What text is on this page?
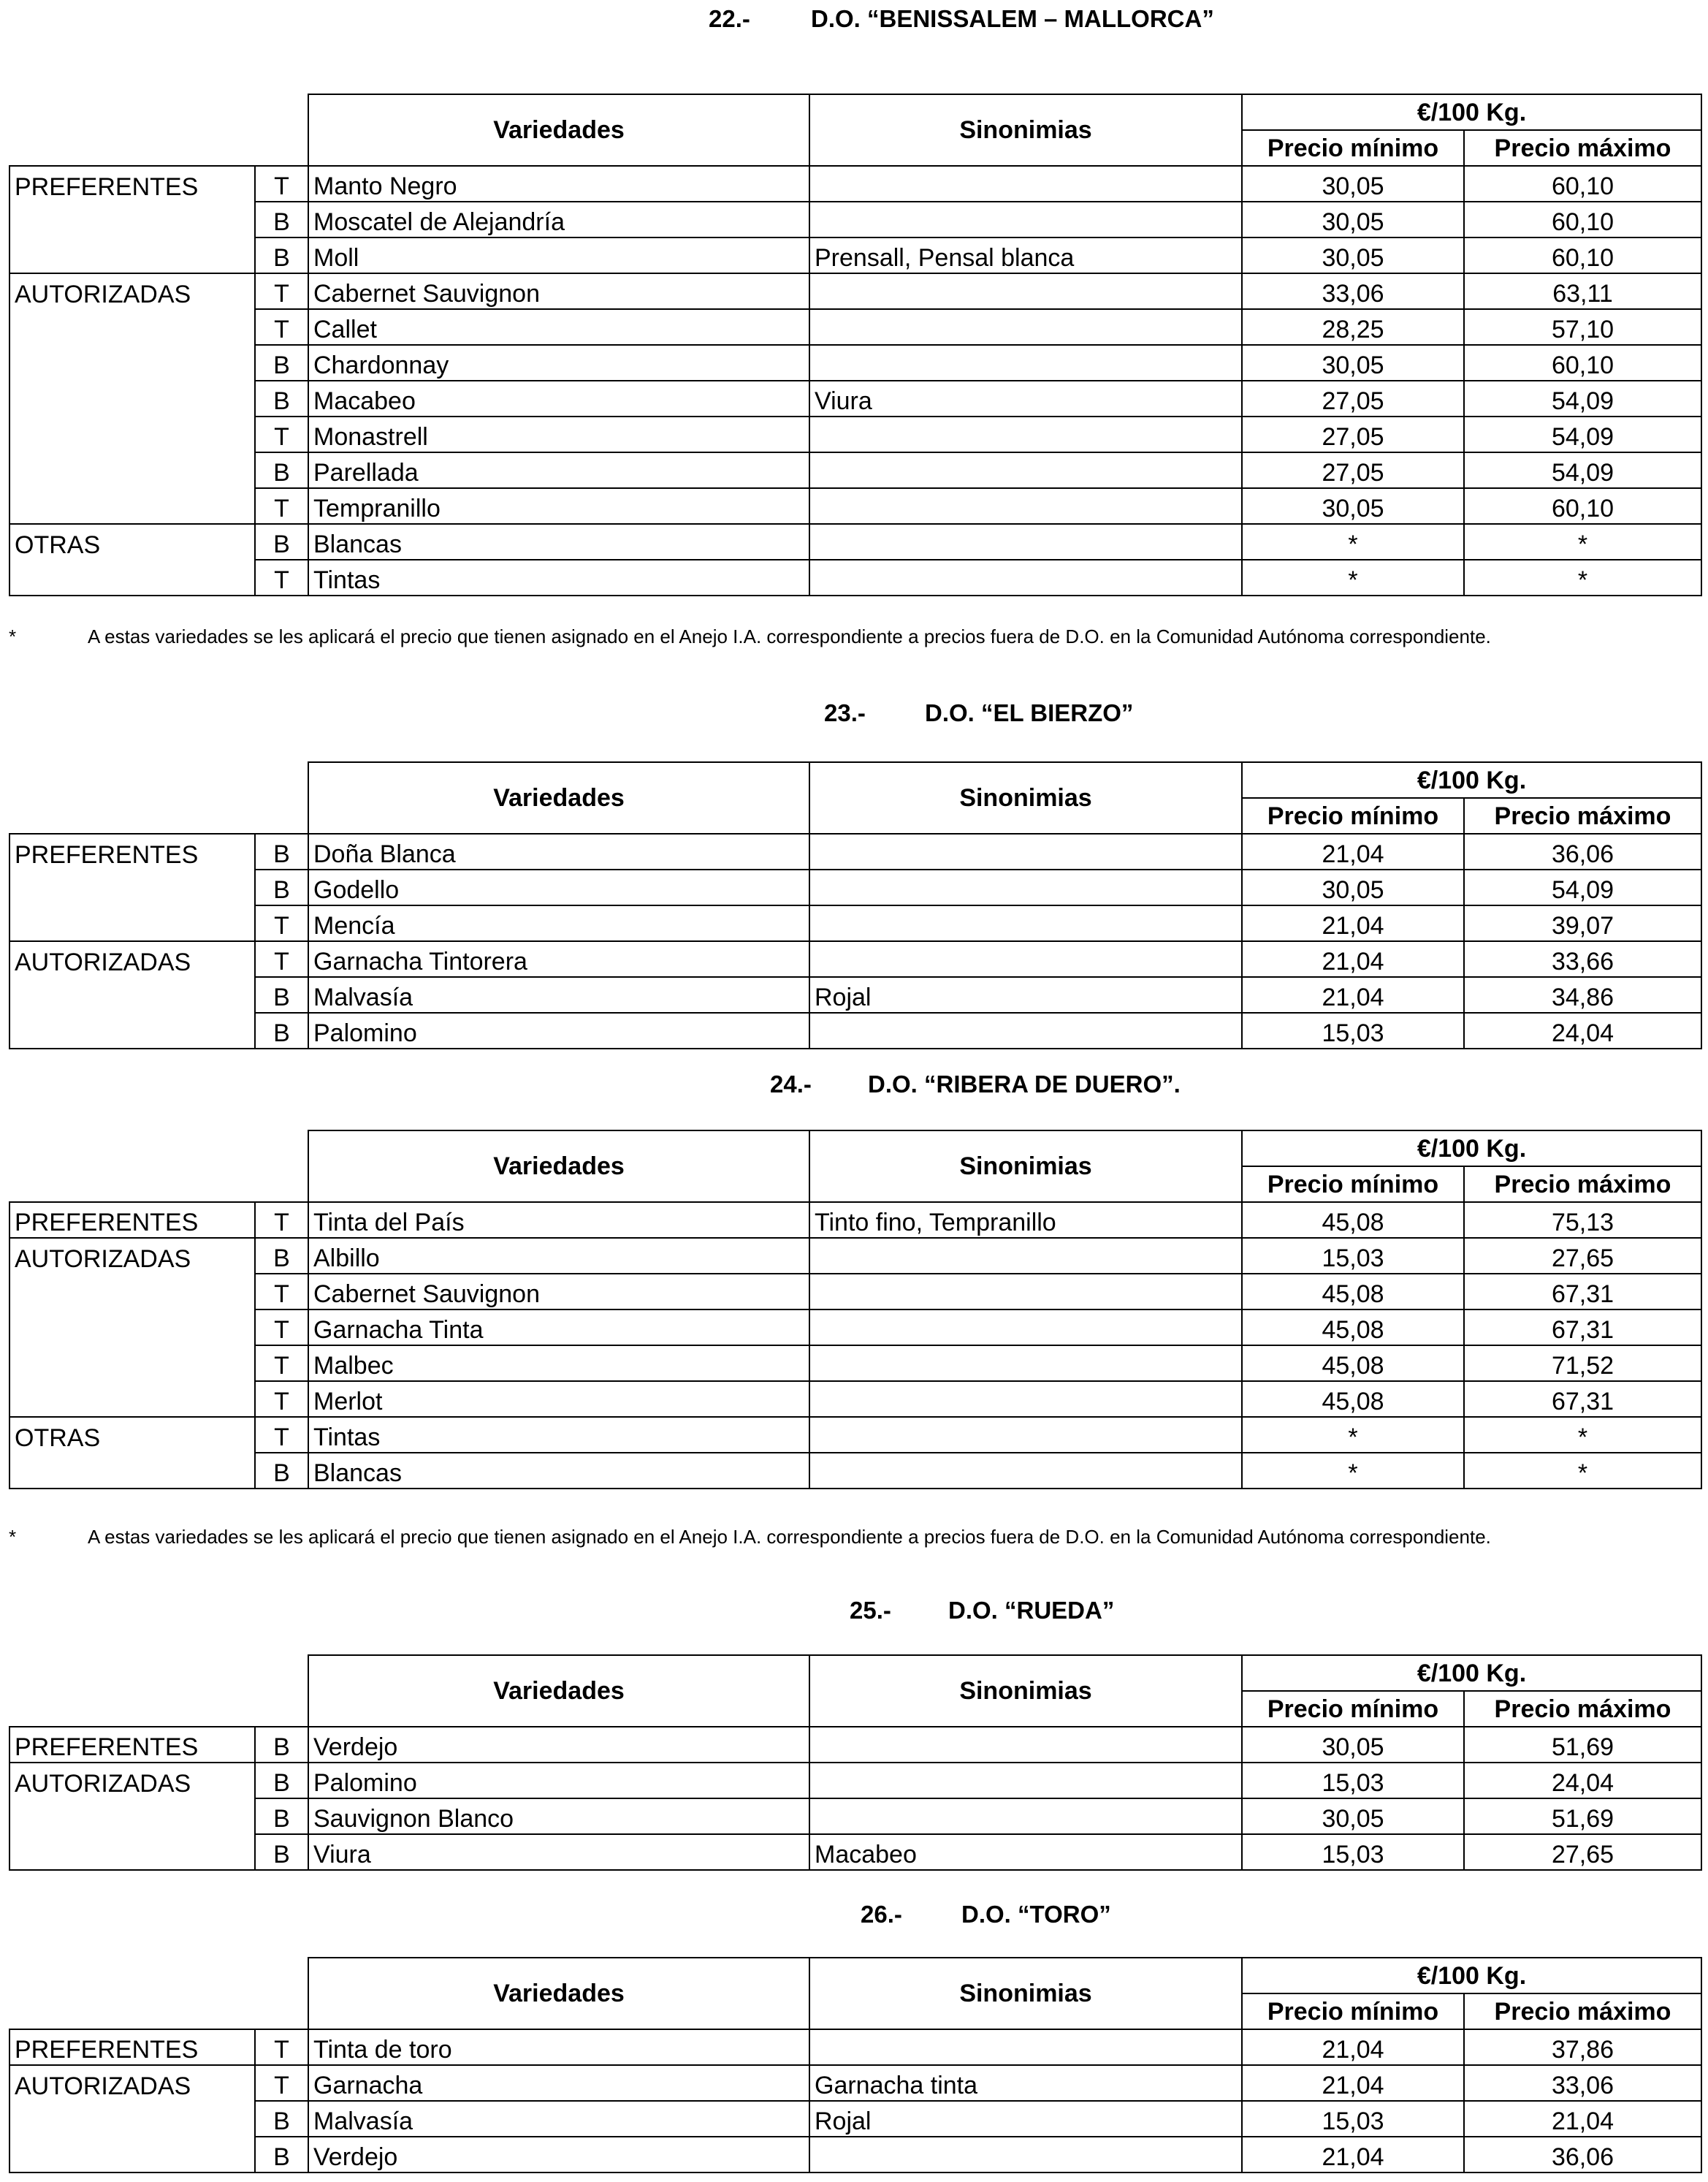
22.-	D.O. “BENISSALEM – MALLORCA”
		Variedades	Sinonimias	€/100 Kg.	
				Precio mínimo	Precio máximo
PREFERENTES	T	Manto Negro		30,05	60,10
	B	Moscatel de Alejandría		30,05	60,10
	B	Moll	Prensall, Pensal blanca	30,05	60,10
AUTORIZADAS	T	Cabernet Sauvignon		33,06	63,11
	T	Callet		28,25	57,10
	B	Chardonnay		30,05	60,10
	B	Macabeo	Viura	27,05	54,09
	T	Monastrell		27,05	54,09
	B	Parellada		27,05	54,09
	T	Tempranillo		30,05	60,10
OTRAS	B	Blancas		*	*
	T	Tintas		*	*
*	A estas variedades se les aplicará el precio que tienen asignado en el Anejo I.A. correspondiente a precios fuera de D.O. en la Comunidad Autónoma correspondiente.
23.- D.O. “EL BIERZO”
		Variedades	Sinonimias	€/100 Kg.	
				Precio mínimo	Precio máximo
PREFERENTES	B	Doña Blanca		21,04	36,06
	B	Godello		30,05	54,09
	T	Mencía		21,04	39,07
AUTORIZADAS	T	Garnacha Tintorera		21,04	33,66
	B	Malvasía	Rojal	21,04	34,86
	B	Palomino		15,03	24,04
24.- D.O. “RIBERA DE DUERO”.
		Variedades	Sinonimias	€/100 Kg.	
				Precio mínimo	Precio máximo
PREFERENTES	T	Tinta del País	Tinto fino, Tempranillo	45,08	75,13
AUTORIZADAS	B	Albillo		15,03	27,65
	T	Cabernet Sauvignon		45,08	67,31
	T	Garnacha Tinta		45,08	67,31
	T	Malbec		45,08	71,52
	T	Merlot		45,08	67,31
OTRAS	T	Tintas		*	*
	B	Blancas		*	*
*	A estas variedades se les aplicará el precio que tienen asignado en el Anejo I.A. correspondiente a precios fuera de D.O. en la Comunidad Autónoma correspondiente.
25.- D.O. “RUEDA”
		Variedades	Sinonimias	€/100 Kg.	
				Precio mínimo	Precio máximo
PREFERENTES	B	Verdejo		30,05	51,69
AUTORIZADAS	B	Palomino		15,03	24,04
	B	Sauvignon Blanco		30,05	51,69
	B	Viura	Macabeo	15,03	27,65
26.- D.O. “TORO”
		Variedades	Sinonimias	€/100 Kg.	
				Precio mínimo	Precio máximo
PREFERENTES	T	Tinta de toro		21,04	37,86
AUTORIZADAS	T	Garnacha	Garnacha tinta	21,04	33,06
	B	Malvasía	Rojal	15,03	21,04
	B	Verdejo		21,04	36,06
